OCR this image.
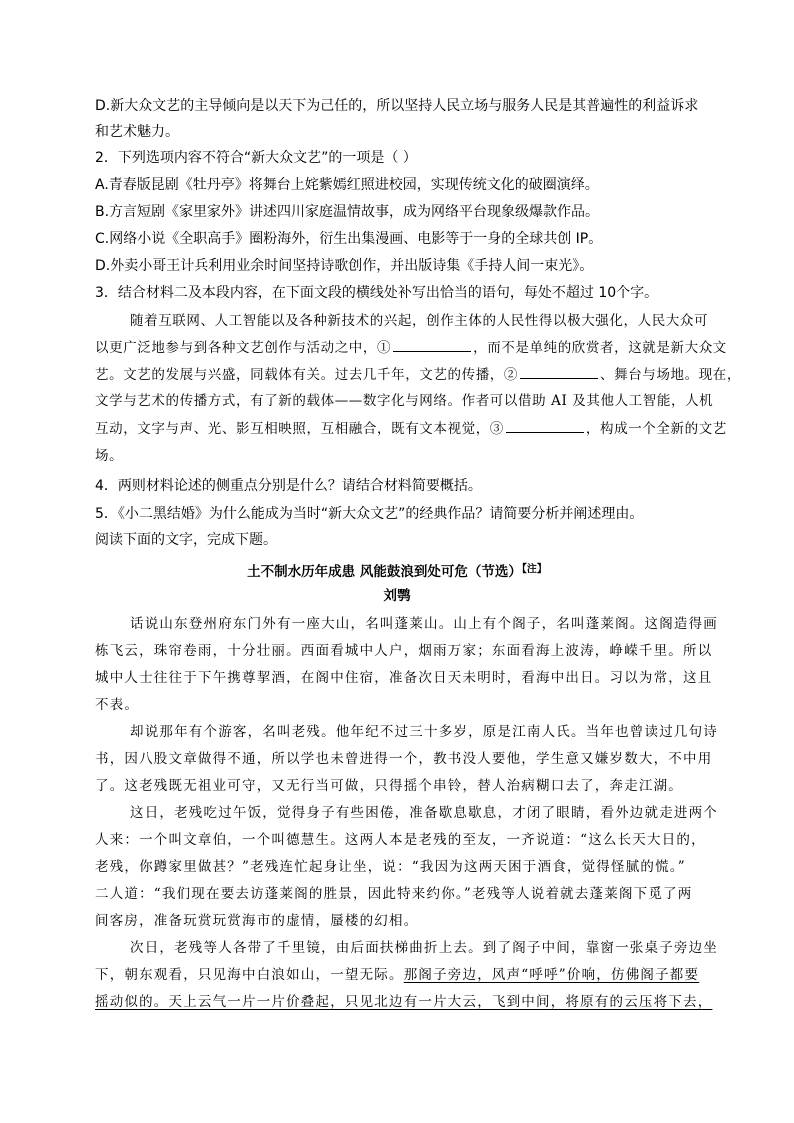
D.新大众文艺的主导倾向是以天下为己任的，所以坚持人民立场与服务人民是其普遍性的利益诉求
和艺术魅力。
2．下列选项内容不符合“新大众文艺”的一项是（ ）
A.青春版昆剧《牡丹亭》将舞台上姹紫嫣红照进校园，实现传统文化的破圈演绎。
B.方言短剧《家里家外》讲述四川家庭温情故事，成为网络平台现象级爆款作品。
C.网络小说《全职高手》圈粉海外，衍生出集漫画、电影等于一身的全球共创 IP。
D.外卖小哥王计兵利用业余时间坚持诗歌创作，并出版诗集《手持人间一束光》。
3．结合材料二及本段内容，在下面文段的横线处补写出恰当的语句，每处不超过 10个字。
随着互联网、人工智能以及各种新技术的兴起，创作主体的人民性得以极大强化，人民大众可
以更广泛地参与到各种文艺创作与活动之中，①	，而不是单纯的欣赏者，这就是新大众文
艺。文艺的发展与兴盛，同载体有关。过去几千年，文艺的传播，②	、舞台与场地。现在，
文学与艺术的传播方式，有了新的载体——数字化与网络。作者可以借助 AI 及其他人工智能，人机
互动，文字与声、光、影互相映照，互相融合，既有文本视觉，③	，构成一个全新的文艺
场。
4．两则材料论述的侧重点分别是什么？请结合材料简要概括。
5．《小二黑结婚》为什么能成为当时“新大众文艺”的经典作品？请简要分析并阐述理由。
阅读下面的文字，完成下题。
土不制水历年成患 风能鼓浪到处可危（节选）$^{【注】}$
刘鹗
话说山东登州府东门外有一座大山，名叫蓬莱山。山上有个阁子，名叫蓬莱阁。这阁造得画
栋飞云，珠帘卷雨，十分壮丽。西面看城中人户，烟雨万家；东面看海上波涛，峥嵘千里。所以
城中人士往往于下午携尊挈酒，在阁中住宿，准备次日天未明时，看海中出日。习以为常，这且
不表。
却说那年有个游客，名叫老残。他年纪不过三十多岁，原是江南人氏。当年也曾读过几句诗
书，因八股文章做得不通，所以学也未曾进得一个，教书没人要他，学生意又嫌岁数大，不中用
了。这老残既无祖业可守，又无行当可做，只得摇个串铃，替人治病糊口去了，奔走江湖。
这日，老残吃过午饭，觉得身子有些困倦，准备歇息歇息，才闭了眼睛，看外边就走进两个
人来：一个叫文章伯，一个叫德慧生。这两人本是老残的至友，一齐说道：“这么长天大日的，
老残，你蹲家里做甚？”老残连忙起身让坐，说：“我因为这两天困于酒食，觉得怪腻的慌。”
二人道：“我们现在要去访蓬莱阁的胜景，因此特来约你。”老残等人说着就去蓬莱阁下觅了两
间客房，准备玩赏玩赏海市的虚情，蜃楼的幻相。
次日，老残等人各带了千里镜，由后面扶梯曲折上去。到了阁子中间，靠窗一张桌子旁边坐
下，朝东观看，只见海中白浪如山，一望无际。那阁子旁边，风声“呼呼”价响，仿佛阁子都要
摇动似的。天上云气一片一片价叠起，只见北边有一片大云，飞到中间，将原有的云压将下去，
